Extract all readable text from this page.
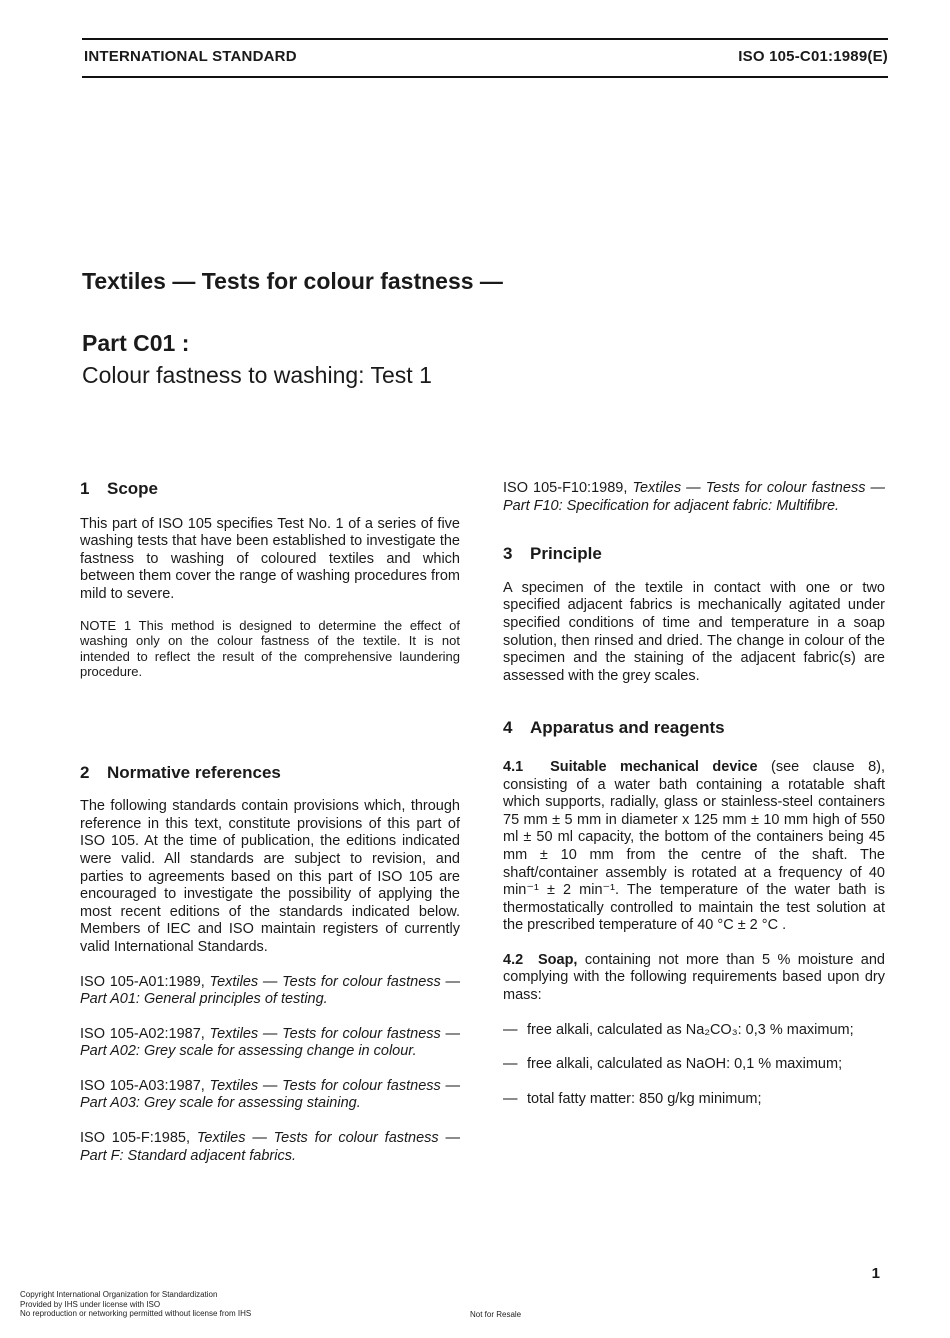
INTERNATIONAL STANDARD	ISO 105-C01:1989(E)
Textiles — Tests for colour fastness —
Part C01 :
Colour fastness to washing: Test 1
1 Scope

This part of ISO 105 specifies Test No. 1 of a series of five washing tests that have been established to investigate the fastness to washing of coloured textiles and which between them cover the range of washing procedures from mild to severe.

NOTE 1 This method is designed to determine the effect of washing only on the colour fastness of the textile. It is not intended to reflect the result of the comprehensive laundering procedure.

2 Normative references

The following standards contain provisions which, through reference in this text, constitute provisions of this part of ISO 105. At the time of publication, the editions indicated were valid. All standards are subject to revision, and parties to agreements based on this part of ISO 105 are encouraged to investigate the possibility of applying the most recent editions of the standards indicated below. Members of IEC and ISO maintain registers of currently valid International Standards.

ISO 105-A01:1989, Textiles — Tests for colour fastness — Part A01: General principles of testing.

ISO 105-A02:1987, Textiles — Tests for colour fastness — Part A02: Grey scale for assessing change in colour.

ISO 105-A03:1987, Textiles — Tests for colour fastness — Part A03: Grey scale for assessing staining.

ISO 105-F:1985, Textiles — Tests for colour fastness — Part F: Standard adjacent fabrics.

ISO 105-F10:1989, Textiles — Tests for colour fastness — Part F10: Specification for adjacent fabric: Multifibre.

3 Principle

A specimen of the textile in contact with one or two specified adjacent fabrics is mechanically agitated under specified conditions of time and temperature in a soap solution, then rinsed and dried. The change in colour of the specimen and the staining of the adjacent fabric(s) are assessed with the grey scales.

4 Apparatus and reagents

4.1 Suitable mechanical device (see clause 8), consisting of a water bath containing a rotatable shaft which supports, radially, glass or stainless-steel containers 75 mm ± 5 mm in diameter x 125 mm ± 10 mm high of 550 ml ± 50 ml capacity, the bottom of the containers being 45 mm ± 10 mm from the centre of the shaft. The shaft/container assembly is rotated at a frequency of 40 min⁻¹ ± 2 min⁻¹. The temperature of the water bath is thermostatically controlled to maintain the test solution at the prescribed temperature of 40 °C ± 2 °C .

4.2 Soap, containing not more than 5 % moisture and complying with the following requirements based upon dry mass:

— free alkali, calculated as Na₂CO₃: 0,3 % maximum;
— free alkali, calculated as NaOH: 0,1 % maximum;
— total fatty matter: 850 g/kg minimum;
1
Copyright International Organization for Standardization
Provided by IHS under license with ISO
No reproduction or networking permitted without license from IHS	Not for Resale
